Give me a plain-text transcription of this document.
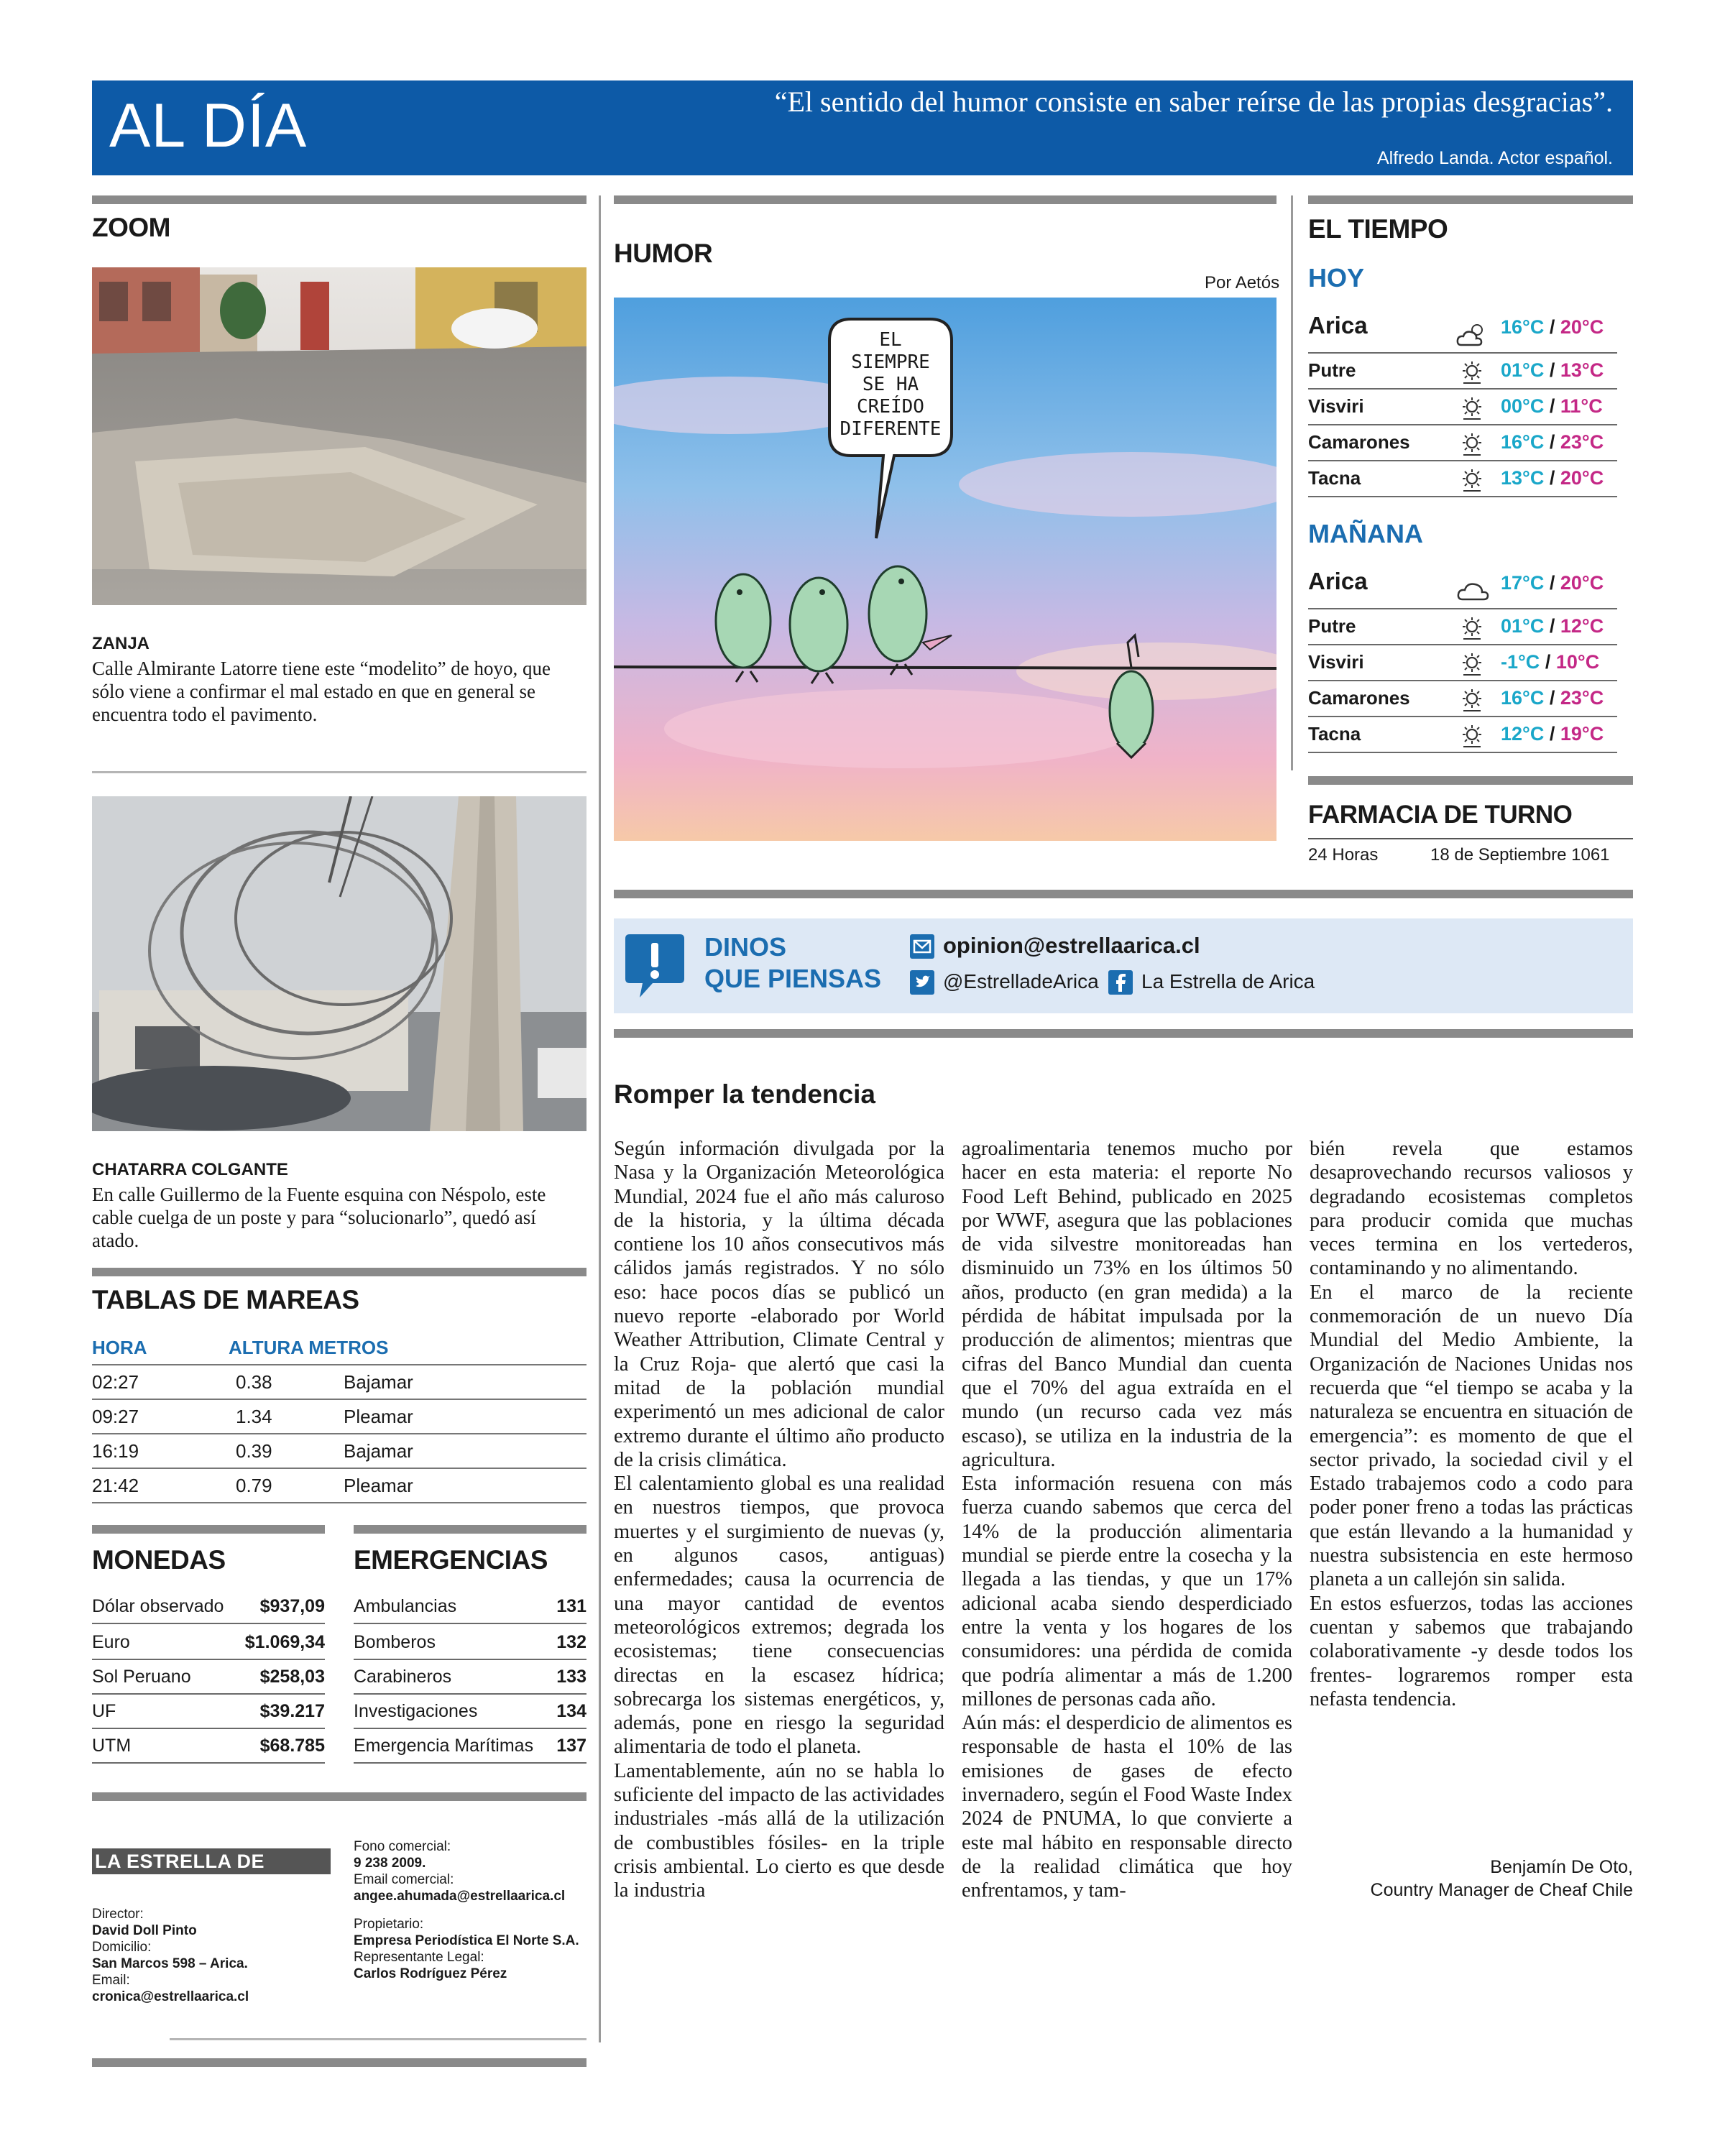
AL DÍA	“El sentido del humor consiste en saber reírse de las propias desgracias”.
Alfredo Landa. Actor español.
ZOOM
ZANJA
Calle Almirante Latorre tiene este “modelito” de hoyo, que sólo viene a confirmar el mal estado en que en general se encuentra todo el pavimento.
CHATARRA COLGANTE
En calle Guillermo de la Fuente esquina con Néspolo, este cable cuelga de un poste y para “solucionarlo”, quedó así atado.
TABLAS DE MAREAS
HORA	ALTURA METROS
02:27	0.38	Bajamar
09:27	1.34	Pleamar
16:19	0.39	Bajamar
21:42	0.79	Pleamar
MONEDAS
Dólar observado $937,09
Euro	$1.069,34
Sol Peruano	$258,03
UF	$39.217
UTM	$68.785
EMERGENCIAS
Ambulancias	131
Bomberos	132
Carabineros	133
Investigaciones	134
Emergencia Marítimas 137
LA ESTRELLA DE ARICA
Director:
David Doll Pinto
Domicilio:
San Marcos 598 – Arica.
Email:
cronica@estrellaarica.cl
Fono comercial:
9 238 2009.
Email comercial:
angee.ahumada@estrellaarica.cl
Propietario:
Empresa Periodística El Norte S.A.
Representante Legal:
Carlos Rodríguez Pérez
HUMOR
Por Aetós
EL
SIEMPRE
SE HA
CREÍDO
DIFERENTE
DINOS
QUE PIENSAS
opinion@estrellaarica.cl
@EstrelladeArica La Estrella de Arica
Romper la tendencia

Según información divulgada por la Nasa y la Organización Meteorológica Mundial, 2024 fue el año más caluroso de la historia, y la última década contiene los 10 años consecutivos más cálidos jamás registrados. Y no sólo eso: hace pocos días se publicó un nuevo reporte -elaborado por World Weather Attribution, Climate Central y la Cruz Roja- que alertó que casi la mitad de la población mundial experimentó un mes adicional de calor extremo durante el último año producto de la crisis climática.

El calentamiento global es una realidad en nuestros tiempos, que provoca muertes y el surgimiento de nuevas (y, en algunos casos, antiguas) enfermedades; causa la ocurrencia de una mayor cantidad de eventos meteorológicos extremos; degrada los ecosistemas; tiene consecuencias directas en la escasez hídrica; sobrecarga los sistemas energéticos, y, además, pone en riesgo la seguridad alimentaria de todo el planeta.

Lamentablemente, aún no se habla lo suficiente del impacto de las actividades industriales -más allá de la utilización de combustibles fósiles- en la triple crisis ambiental. Lo cierto es que desde la industria

agroalimentaria tenemos mucho por hacer en esta materia: el reporte No Food Left Behind, publicado en 2025 por WWF, asegura que las poblaciones de vida silvestre monitoreadas han disminuido un 73% en los últimos 50 años, producto (en gran medida) a la pérdida de hábitat impulsada por la producción de alimentos; mientras que cifras del Banco Mundial dan cuenta que el 70% del agua extraída en el mundo (un recurso cada vez más escaso), se utiliza en la industria de la agricultura.

Esta información resuena con más fuerza cuando sabemos que cerca del 14% de la producción alimentaria mundial se pierde entre la cosecha y la llegada a las tiendas, y que un 17% adicional acaba siendo desperdiciado entre la venta y los hogares de los consumidores: una pérdida de comida que podría alimentar a más de 1.200 millones de personas cada año.

Aún más: el desperdicio de alimentos es responsable de hasta el 10% de las emisiones de gases de efecto invernadero, según el Food Waste Index 2024 de PNUMA, lo que convierte a este mal hábito en responsable directo de la realidad climática que hoy enfrentamos, y tam-

bién revela que estamos desaprovechando recursos valiosos y degradando ecosistemas completos para producir comida que muchas veces termina en los vertederos, contaminando y no alimentando.

En el marco de la reciente conmemoración de un nuevo Día Mundial del Medio Ambiente, la Organización de Naciones Unidas nos recuerda que “el tiempo se acaba y la naturaleza se encuentra en situación de emergencia”: es momento de que el sector privado, la sociedad civil y el Estado trabajemos codo a codo para poder poner freno a todas las prácticas que están llevando a la humanidad y nuestra subsistencia en este hermoso planeta a un callejón sin salida.

En estos esfuerzos, todas las acciones cuentan y sabemos que trabajando colaborativamente -y desde todos los frentes- lograremos romper esta nefasta tendencia.

Benjamín De Oto,
Country Manager de Cheaf Chile
EL TIEMPO
HOY
Arica	16°C / 20°C
Putre	01°C / 13°C
Visviri	00°C / 11°C
Camarones	16°C / 23°C
Tacna	13°C / 20°C
MAÑANA
Arica	17°C / 20°C
Putre	01°C / 12°C
Visviri	-1°C / 10°C
Camarones	16°C / 23°C
Tacna	12°C / 19°C
FARMACIA DE TURNO
24 Horas	18 de Septiembre 1061
